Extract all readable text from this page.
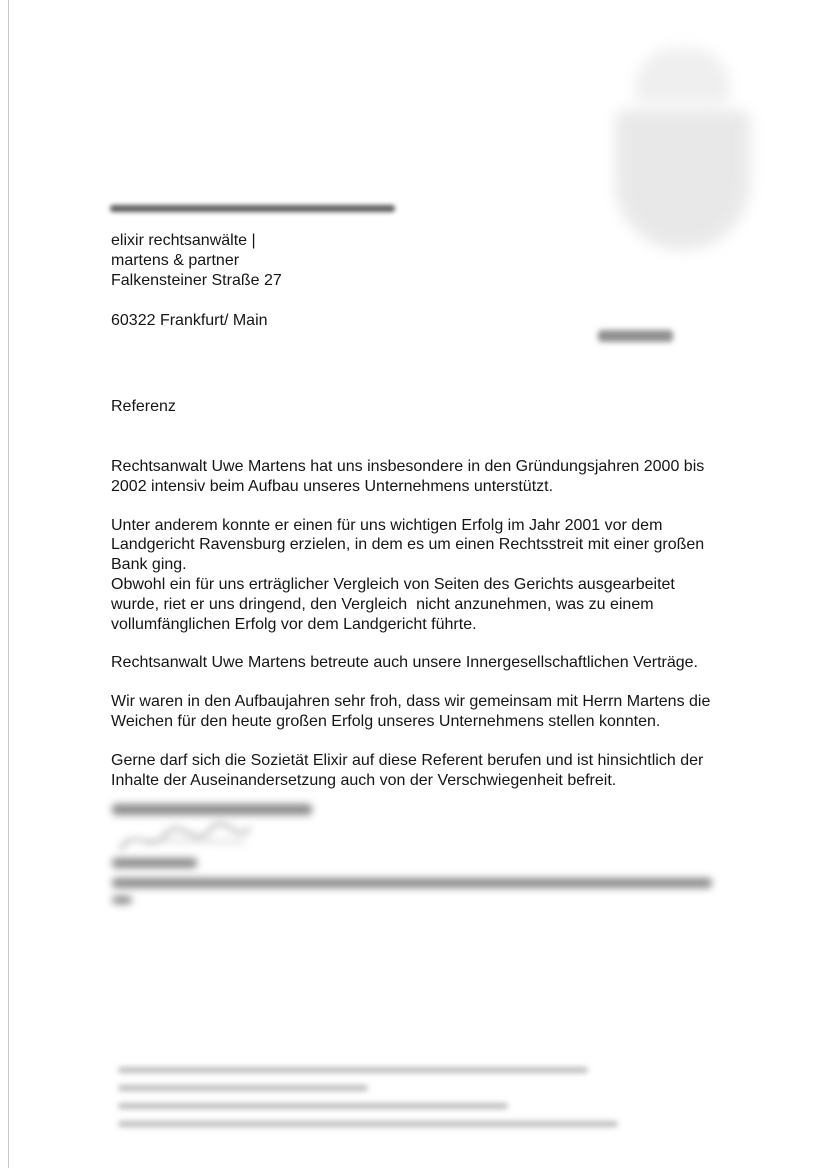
elixir rechtsanwälte |
martens & partner
Falkensteiner Straße 27
60322 Frankfurt/ Main
Referenz

Rechtsanwalt Uwe Martens hat uns insbesondere in den Gründungsjahren 2000 bis
2002 intensiv beim Aufbau unseres Unternehmens unterstützt.

Unter anderem konnte er einen für uns wichtigen Erfolg im Jahr 2001 vor dem
Landgericht Ravensburg erzielen, in dem es um einen Rechtsstreit mit einer großen
Bank ging.
Obwohl ein für uns erträglicher Vergleich von Seiten des Gerichts ausgearbeitet
wurde, riet er uns dringend, den Vergleich  nicht anzunehmen, was zu einem
vollumfänglichen Erfolg vor dem Landgericht führte.

Rechtsanwalt Uwe Martens betreute auch unsere Innergesellschaftlichen Verträge.

Wir waren in den Aufbaujahren sehr froh, dass wir gemeinsam mit Herrn Martens die
Weichen für den heute großen Erfolg unseres Unternehmens stellen konnten.

Gerne darf sich die Sozietät Elixir auf diese Referent berufen und ist hinsichtlich der
Inhalte der Auseinandersetzung auch von der Verschwiegenheit befreit.
